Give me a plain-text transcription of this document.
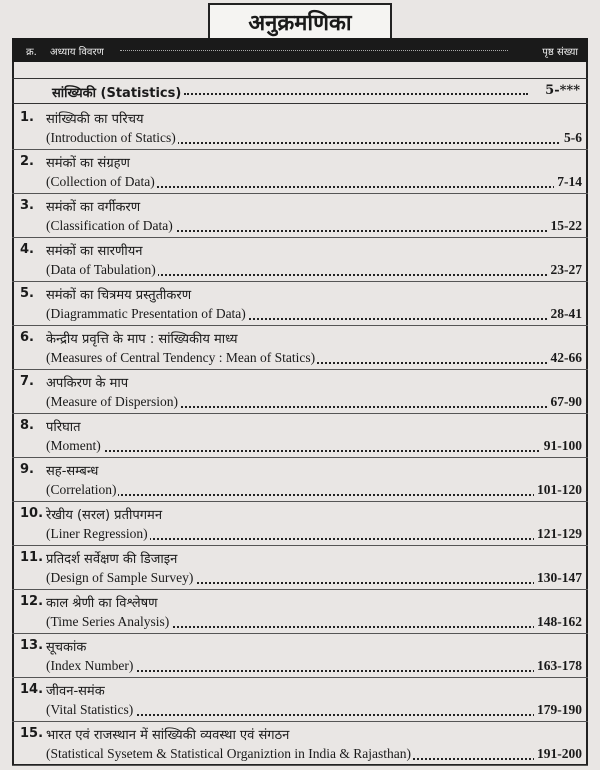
अनुक्रमणिका
क्र. अध्याय विवरण	पृष्ठ संख्या
सांख्यिकी (Statistics)	5-***
1. सांख्यिकी का परिचय
(Introduction of Statics)	5-6
2. समंकों का संग्रहण
(Collection of Data)	7-14
3. समंकों का वर्गीकरण
(Classification of Data)	15-22
4. समंकों का सारणीयन
(Data of Tabulation)	23-27
5. समंकों का चित्रमय प्रस्तुतीकरण
(Diagrammatic Presentation of Data)	28-41
6. केन्द्रीय प्रवृत्ति के माप : सांख्यिकीय माध्य
(Measures of Central Tendency : Mean of Statics)	42-66
7. अपकिरण के माप
(Measure of Dispersion)	67-90
8. परिघात
(Moment)	91-100
9. सह-सम्बन्ध
(Correlation)	101-120
10. रेखीय (सरल) प्रतीपगमन
(Liner Regression)	121-129
11. प्रतिदर्श सर्वेक्षण की डिजाइन
(Design of Sample Survey)	130-147
12. काल श्रेणी का विश्लेषण
(Time Series Analysis)	148-162
13. सूचकांक
(Index Number)	163-178
14. जीवन-समंक
(Vital Statistics)	179-190
15. भारत एवं राजस्थान में सांख्यिकी व्यवस्था एवं संगठन
(Statistical Sysetem & Statistical Organiztion in India & Rajasthan)	191-200
